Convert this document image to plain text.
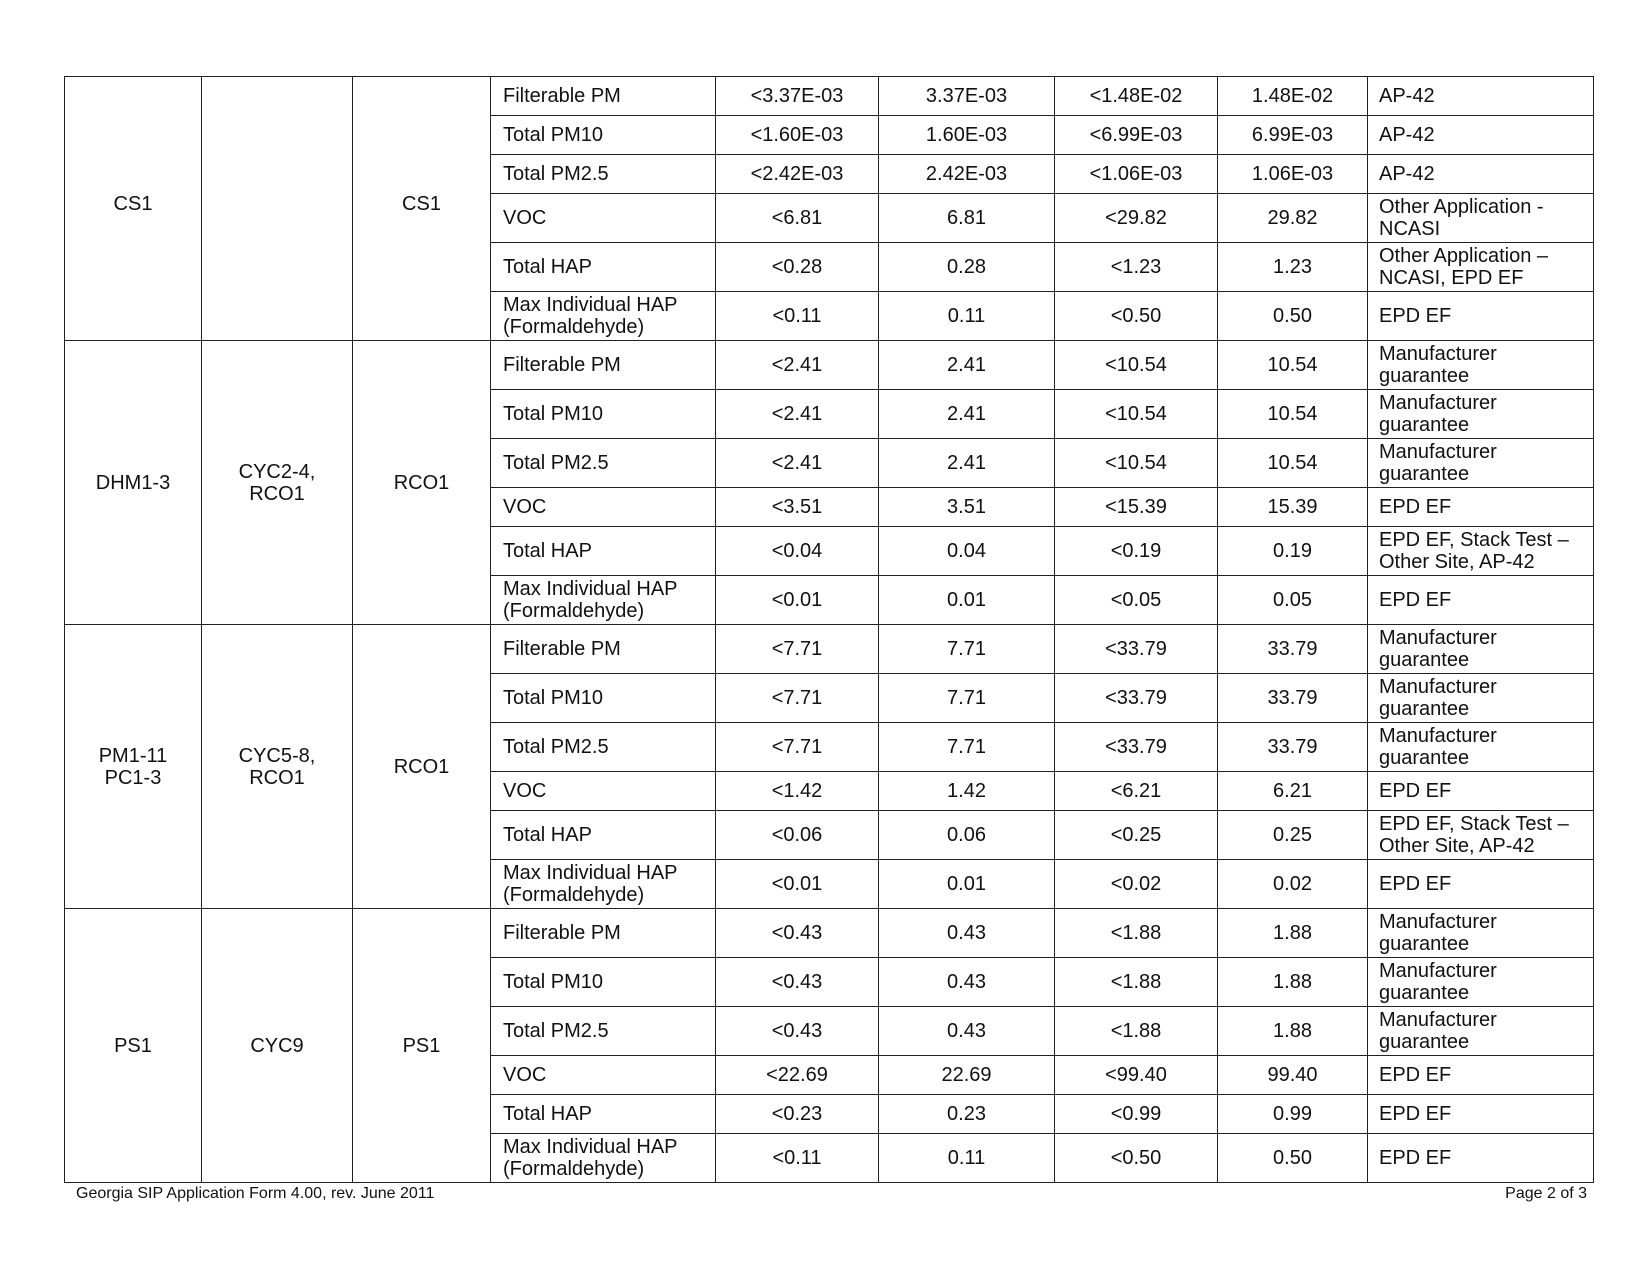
			Filterable PM	<3.37E-03	3.37E-03	<1.48E-02	1.48E-02	AP-42
CS1		CS1	Total PM10	<1.60E-03	1.60E-03	<6.99E-03	6.99E-03	AP-42
			Total PM2.5	<2.42E-03	2.42E-03	<1.06E-03	1.06E-03	AP-42
			VOC	<6.81	6.81	<29.82	29.82	Other Application - NCASI
			Total HAP	<0.28	0.28	<1.23	1.23	Other Application – NCASI, EPD EF
			Max Individual HAP (Formaldehyde)	<0.11	0.11	<0.50	0.50	EPD EF
DHM1-3	CYC2-4, RCO1	RCO1	Filterable PM	<2.41	2.41	<10.54	10.54	Manufacturer guarantee
			Total PM10	<2.41	2.41	<10.54	10.54	Manufacturer guarantee
			Total PM2.5	<2.41	2.41	<10.54	10.54	Manufacturer guarantee
			VOC	<3.51	3.51	<15.39	15.39	EPD EF
			Total HAP	<0.04	0.04	<0.19	0.19	EPD EF, Stack Test – Other Site, AP-42
			Max Individual HAP (Formaldehyde)	<0.01	0.01	<0.05	0.05	EPD EF
PM1-11 PC1-3	CYC5-8, RCO1	RCO1	Filterable PM	<7.71	7.71	<33.79	33.79	Manufacturer guarantee
			Total PM10	<7.71	7.71	<33.79	33.79	Manufacturer guarantee
			Total PM2.5	<7.71	7.71	<33.79	33.79	Manufacturer guarantee
			VOC	<1.42	1.42	<6.21	6.21	EPD EF
			Total HAP	<0.06	0.06	<0.25	0.25	EPD EF, Stack Test – Other Site, AP-42
			Max Individual HAP (Formaldehyde)	<0.01	0.01	<0.02	0.02	EPD EF
PS1	CYC9	PS1	Filterable PM	<0.43	0.43	<1.88	1.88	Manufacturer guarantee
			Total PM10	<0.43	0.43	<1.88	1.88	Manufacturer guarantee
			Total PM2.5	<0.43	0.43	<1.88	1.88	Manufacturer guarantee
			VOC	<22.69	22.69	<99.40	99.40	EPD EF
			Total HAP	<0.23	0.23	<0.99	0.99	EPD EF
			Max Individual HAP (Formaldehyde)	<0.11	0.11	<0.50	0.50	EPD EF
Georgia SIP Application Form 4.00, rev. June 2011	Page 2 of 3
